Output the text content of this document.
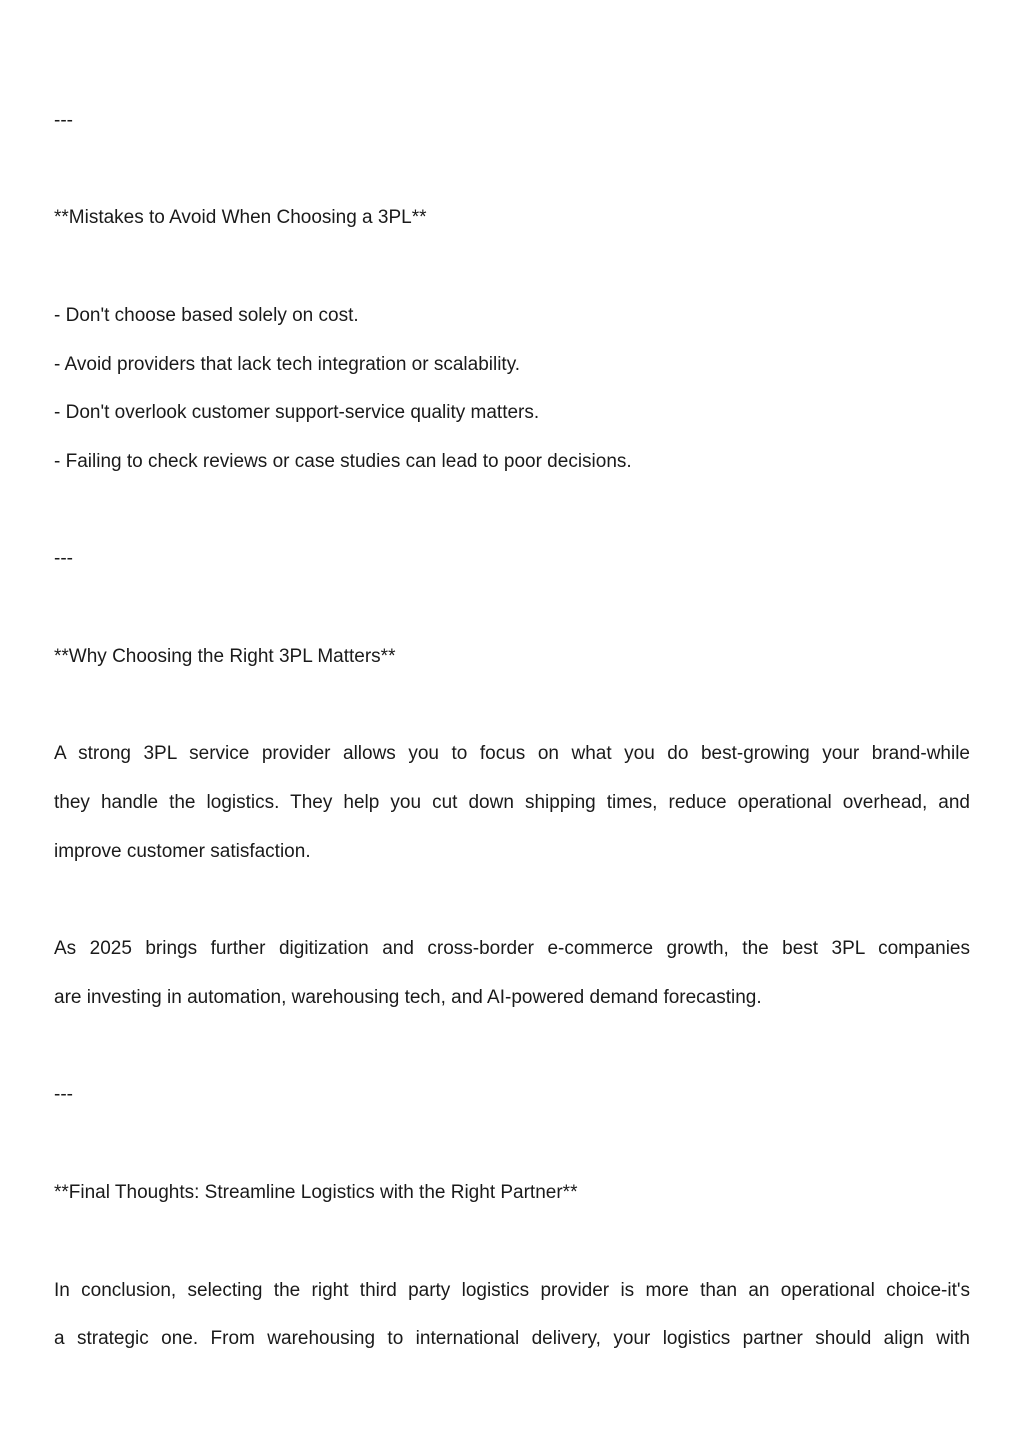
---
**Mistakes to Avoid When Choosing a 3PL**
- Don't choose based solely on cost.
- Avoid providers that lack tech integration or scalability.
- Don't overlook customer support-service quality matters.
- Failing to check reviews or case studies can lead to poor decisions.
---
**Why Choosing the Right 3PL Matters**
A strong 3PL service provider allows you to focus on what you do best-growing your brand-while
they handle the logistics. They help you cut down shipping times, reduce operational overhead, and
improve customer satisfaction.
As 2025 brings further digitization and cross-border e-commerce growth, the best 3PL companies
are investing in automation, warehousing tech, and AI-powered demand forecasting.
---
**Final Thoughts: Streamline Logistics with the Right Partner**
In conclusion, selecting the right third party logistics provider is more than an operational choice-it's
a strategic one. From warehousing to international delivery, your logistics partner should align with
